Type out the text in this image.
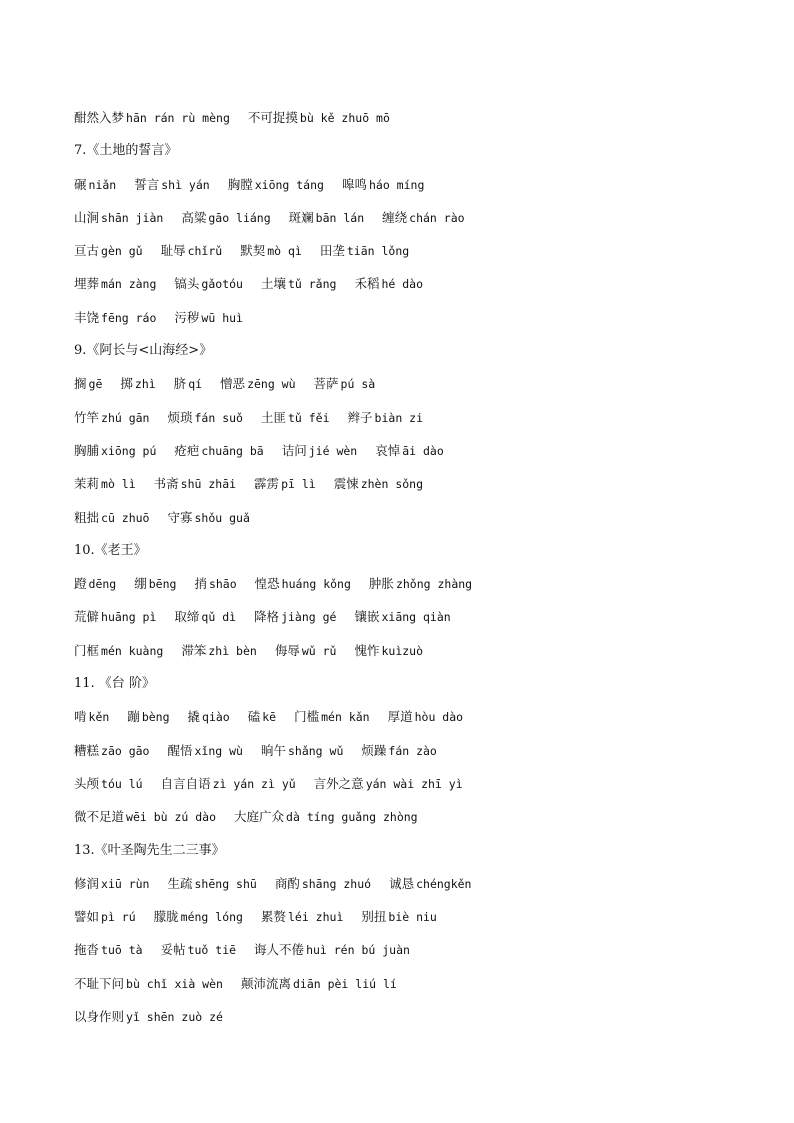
酣然入梦 hān rán rù mèng 不可捉摸 bù kě zhuō mō
7.《土地的誓言》
碾 niǎn 誓言 shì yán 胸膛 xiōng táng 嗥鸣 háo míng
山涧 shān jiàn 高粱 gāo liáng 斑斓 bān lán 缠绕 chán rào
亘古 gèn gǔ 耻辱 chǐrǔ 默契 mò qì 田垄 tiān lǒng
埋葬 mán zàng 镐头 gǎotóu 土壤 tǔ rǎng 禾稻 hé dào
丰饶 fēng ráo 污秽 wū huì
9.《阿长与<山海经>》
搁 gē 掷 zhì 脐 qí 憎恶 zēng wù 菩萨 pú sà
竹竿 zhú gān 烦琐 fán suǒ 土匪 tǔ fěi 辫子 biàn zi
胸脯 xiōng pú 疮疤 chuāng bā 诘问 jié wèn 哀悼 āi dào
茉莉 mò lì 书斋 shū zhāi 霹雳 pī lì 震悚 zhèn sǒng
粗拙 cū zhuō 守寡 shǒu guǎ
10.《老王》
蹬 dēng 绷 bēng 捎 shāo 惶恐 huáng kǒng 肿胀 zhǒng zhàng
荒僻 huāng pì 取缔 qǔ dì 降格 jiàng gé 镶嵌 xiāng qiàn
门框 mén kuàng 滞笨 zhì bèn 侮辱 wǔ rǔ 愧怍 kuìzuò
11. 《台 阶》
啃 kěn 蹦 bèng 撬 qiào 磕 kē 门槛 mén kǎn 厚道 hòu dào
糟糕 zāo gāo 醒悟 xǐng wù 晌午 shǎng wǔ 烦躁 fán zào
头颅 tóu lú 自言自语 zì yán zì yǔ 言外之意 yán wài zhī yì
微不足道 wēi bù zú dào 大庭广众 dà tíng guǎng zhòng
13.《叶圣陶先生二三事》
修润 xiū rùn 生疏 shēng shū 商酌 shāng zhuó 诚恳 chéngkěn
譬如 pì rú 朦胧 méng lóng 累赘 léi zhuì 别扭 biè niu
拖沓 tuō tà 妥帖 tuǒ tiē 诲人不倦 huì rén bú juàn
不耻下问 bù chǐ xià wèn 颠沛流离 diān pèi liú lí
以身作则 yǐ shēn zuò zé
